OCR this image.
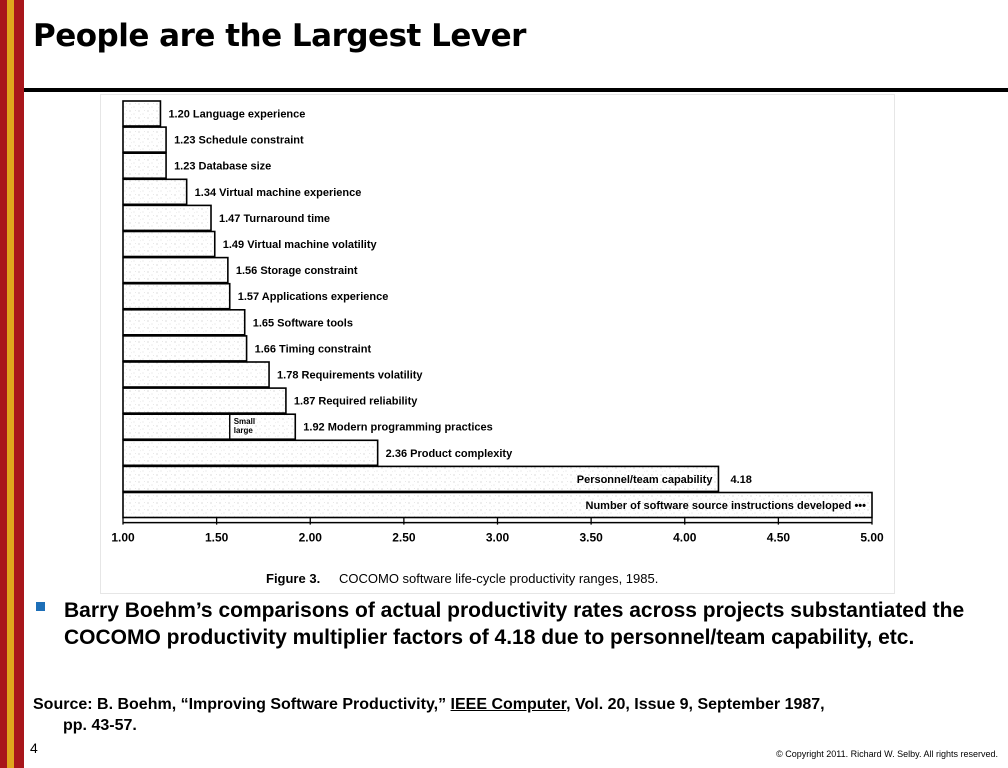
People are the Largest Lever
1.20 Language experience
1.23 Schedule constraint
1.23 Database size
1.34 Virtual machine experience
1.47 Turnaround time
1.49 Virtual machine volatility
1.56 Storage constraint
1.57 Applications experience
1.65 Software tools
1.66 Timing constraint
1.78 Requirements volatility
1.87 Required reliability
Small
large	1.92 Modern programming practices
2.36 Product complexity
Personnel/team capability 4.18
Number of software source instructions developed •••
1.00	1.50	2.00	2.50	3.00	3.50	4.00	4.50	5.00
Figure 3. COCOMO software life-cycle productivity ranges, 1985.

Barry Boehm’s comparisons of actual productivity rates across projects substantiated the COCOMO productivity multiplier factors of 4.18 due to personnel/team capability, etc.

Source: B. Boehm, “Improving Software Productivity,” IEEE Computer, Vol. 20, Issue 9, September 1987,
pp. 43-57.
4	© Copyright 2011. Richard W. Selby. All rights reserved.
